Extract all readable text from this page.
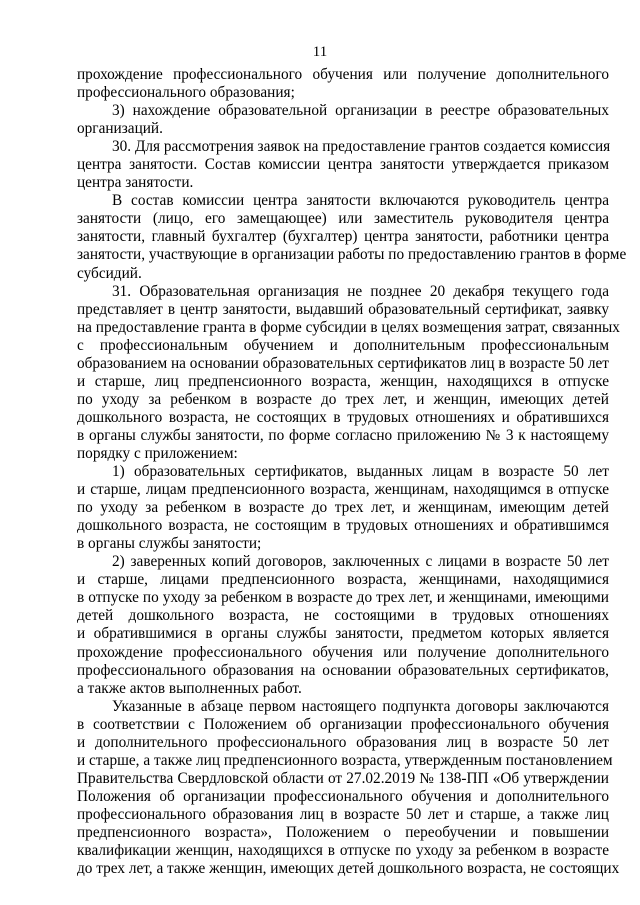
11
прохождение профессионального обучения или получение дополнительного
профессионального образования;
3) нахождение образовательной организации в реестре образовательных
организаций.
30. Для рассмотрения заявок на предоставление грантов создается комиссия
центра занятости. Состав комиссии центра занятости утверждается приказом
центра занятости.
В состав комиссии центра занятости включаются руководитель центра
занятости (лицо, его замещающее) или заместитель руководителя центра
занятости, главный бухгалтер (бухгалтер) центра занятости, работники центра
занятости, участвующие в организации работы по предоставлению грантов в форме
субсидий.
31. Образовательная организация не позднее 20 декабря текущего года
представляет в центр занятости, выдавший образовательный сертификат, заявку
на предоставление гранта в форме субсидии в целях возмещения затрат, связанных
с профессиональным обучением и дополнительным профессиональным
образованием на основании образовательных сертификатов лиц в возрасте 50 лет
и старше, лиц предпенсионного возраста, женщин, находящихся в отпуске
по уходу за ребенком в возрасте до трех лет, и женщин, имеющих детей
дошкольного возраста, не состоящих в трудовых отношениях и обратившихся
в органы службы занятости, по форме согласно приложению № 3 к настоящему
порядку с приложением:
1) образовательных сертификатов, выданных лицам в возрасте 50 лет
и старше, лицам предпенсионного возраста, женщинам, находящимся в отпуске
по уходу за ребенком в возрасте до трех лет, и женщинам, имеющим детей
дошкольного возраста, не состоящим в трудовых отношениях и обратившимся
в органы службы занятости;
2) заверенных копий договоров, заключенных с лицами в возрасте 50 лет
и старше, лицами предпенсионного возраста, женщинами, находящимися
в отпуске по уходу за ребенком в возрасте до трех лет, и женщинами, имеющими
детей дошкольного возраста, не состоящими в трудовых отношениях
и обратившимися в органы службы занятости, предметом которых является
прохождение профессионального обучения или получение дополнительного
профессионального образования на основании образовательных сертификатов,
а также актов выполненных работ.
Указанные в абзаце первом настоящего подпункта договоры заключаются
в соответствии с Положением об организации профессионального обучения
и дополнительного профессионального образования лиц в возрасте 50 лет
и старше, а также лиц предпенсионного возраста, утвержденным постановлением
Правительства Свердловской области от 27.02.2019 № 138-ПП «Об утверждении
Положения об организации профессионального обучения и дополнительного
профессионального образования лиц в возрасте 50 лет и старше, а также лиц
предпенсионного возраста», Положением о переобучении и повышении
квалификации женщин, находящихся в отпуске по уходу за ребенком в возрасте
до трех лет, а также женщин, имеющих детей дошкольного возраста, не состоящих
